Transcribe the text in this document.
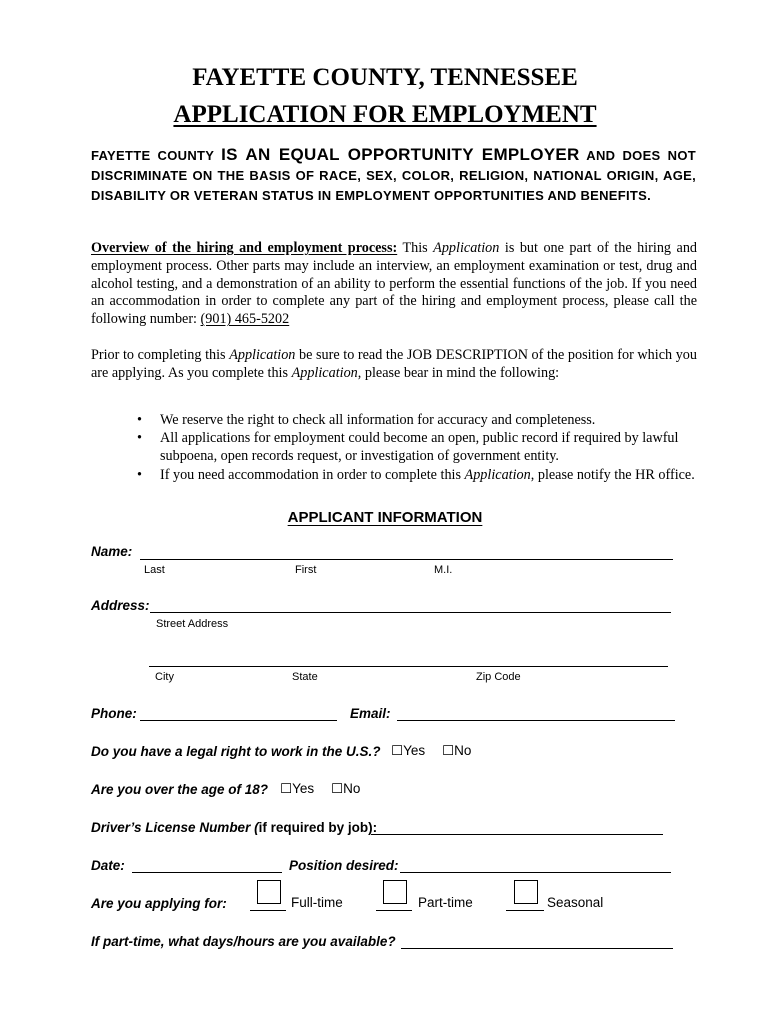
FAYETTE COUNTY, TENNESSEE
APPLICATION FOR EMPLOYMENT
FAYETTE COUNTY IS AN EQUAL OPPORTUNITY EMPLOYER AND DOES NOT DISCRIMINATE ON THE BASIS OF RACE, SEX, COLOR, RELIGION, NATIONAL ORIGIN, AGE, DISABILITY OR VETERAN STATUS IN EMPLOYMENT OPPORTUNITIES AND BENEFITS.
Overview of the hiring and employment process: This Application is but one part of the hiring and employment process. Other parts may include an interview, an employment examination or test, drug and alcohol testing, and a demonstration of an ability to perform the essential functions of the job. If you need an accommodation in order to complete any part of the hiring and employment process, please call the following number: (901) 465-5202
Prior to completing this Application be sure to read the JOB DESCRIPTION of the position for which you are applying. As you complete this Application, please bear in mind the following:
• We reserve the right to check all information for accuracy and completeness.
• All applications for employment could become an open, public record if required by lawful subpoena, open records request, or investigation of government entity.
• If you need accommodation in order to complete this Application, please notify the HR office.
APPLICANT INFORMATION
Name:
Last	First	M.I.
Address:
Street Address
City	State	Zip Code
Phone:	Email:
Do you have a legal right to work in the U.S.? ☐Yes ☐No
Are you over the age of 18? ☐Yes ☐No
Driver’s License Number (if required by job):
Date:	Position desired:
Are you applying for:	Full-time	Part-time	Seasonal
If part-time, what days/hours are you available?
